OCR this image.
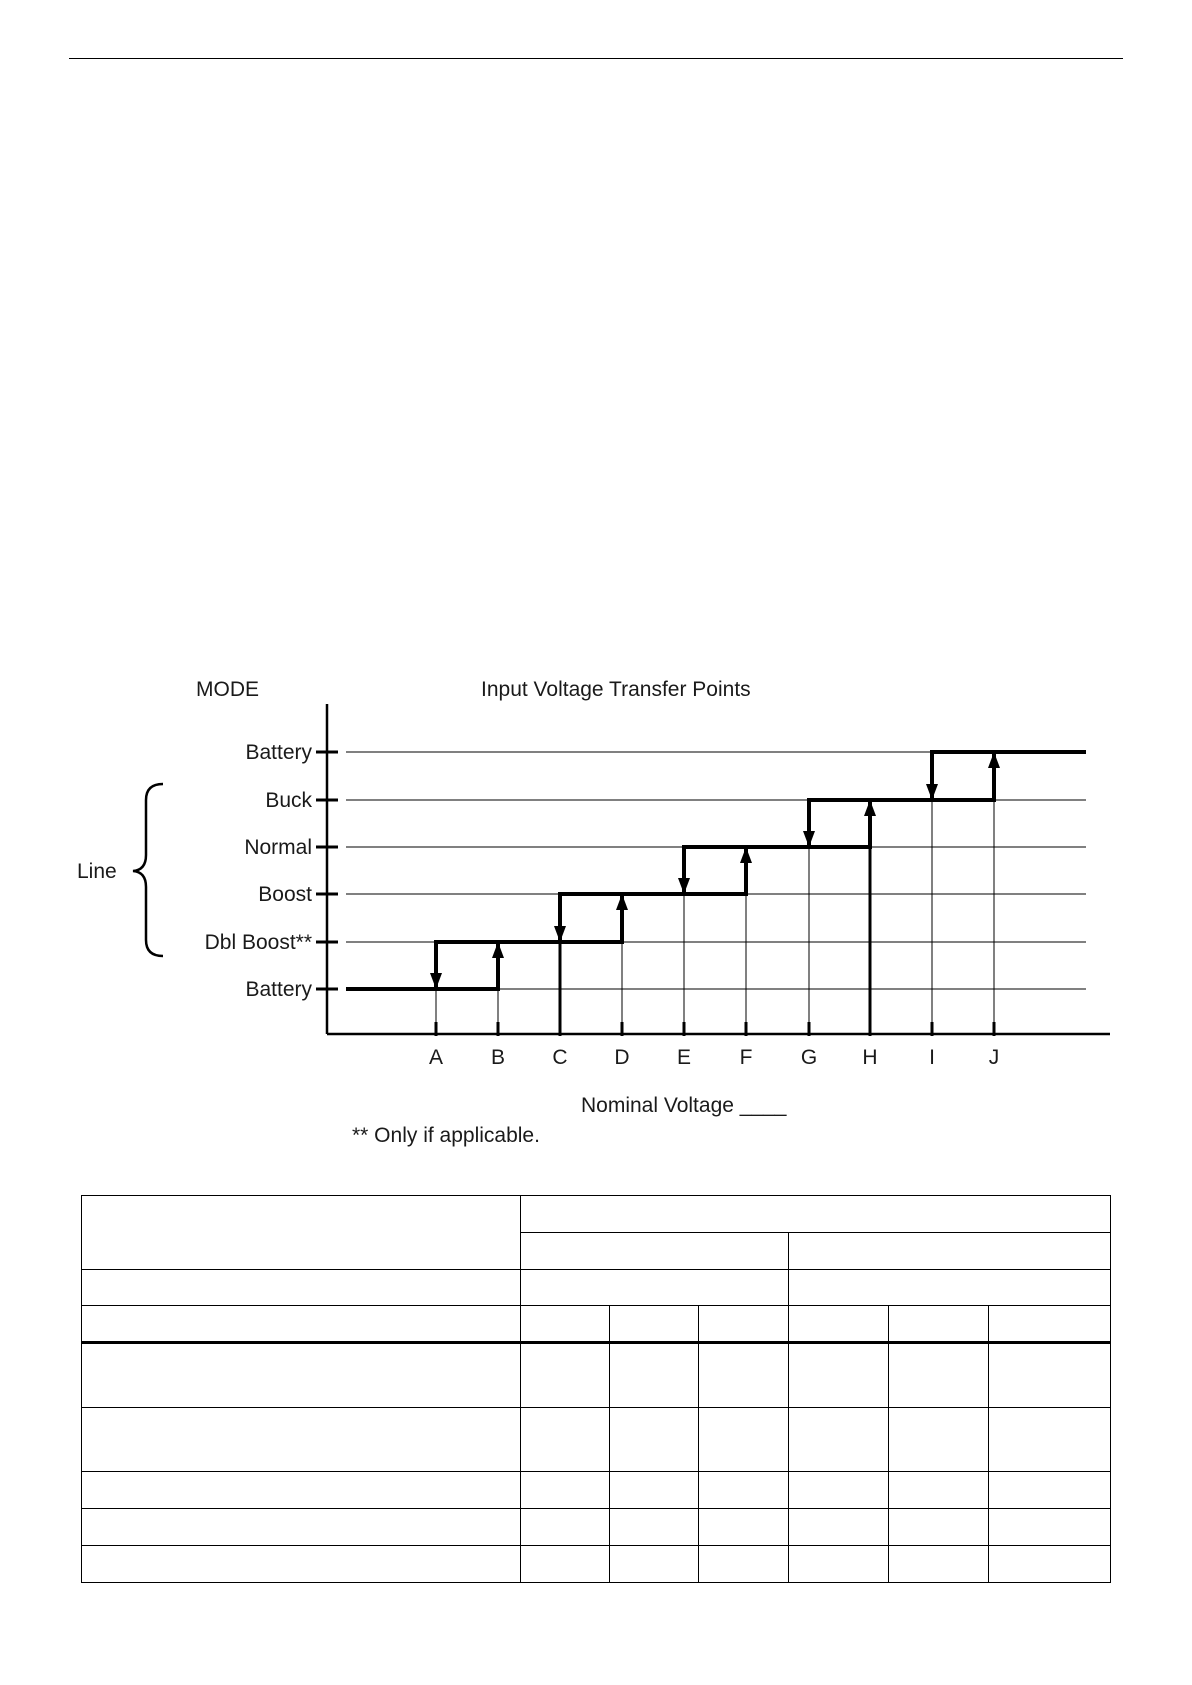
MODE	Input Voltage Transfer Points
Battery
Buck
Normal
Boost
Dbl Boost**
Battery
A B C D E F G H I	J
Line
Nominal Voltage ____
** Only if applicable.
